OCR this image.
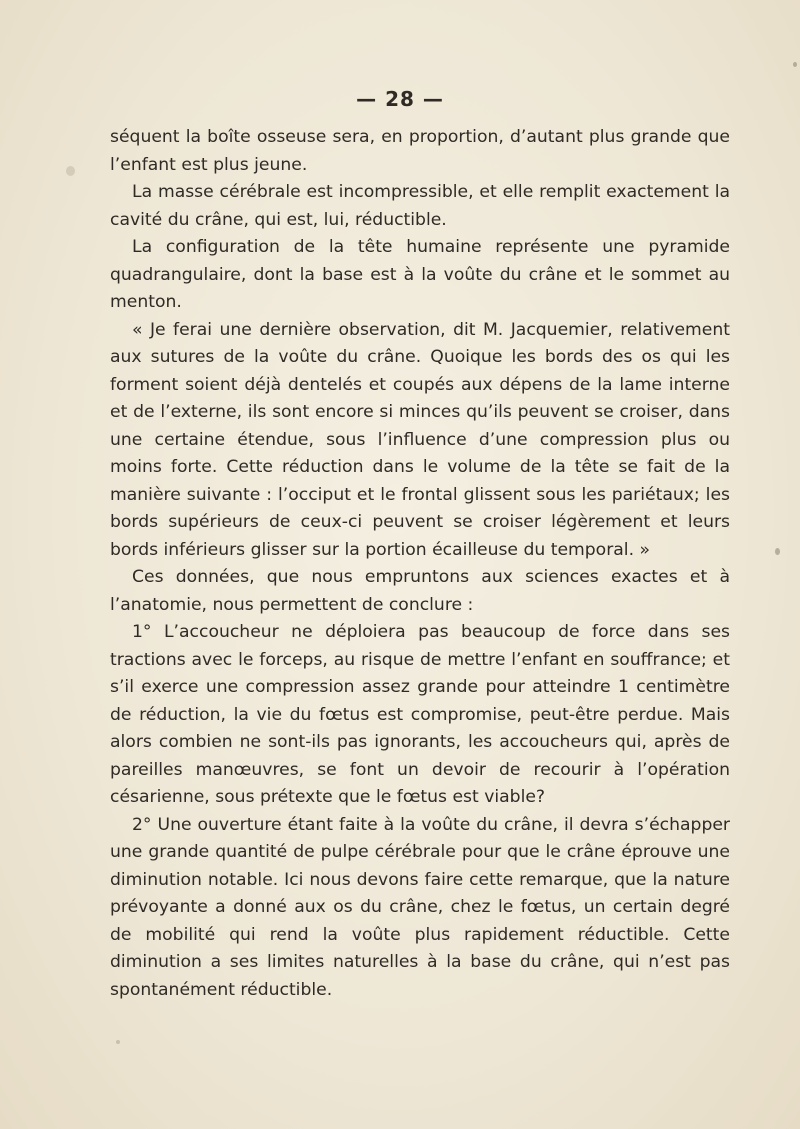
— 28 —

séquent la boîte osseuse sera, en proportion, d’autant plus grande que l’enfant est plus jeune.

La masse cérébrale est incompressible, et elle remplit exactement la cavité du crâne, qui est, lui, réductible.

La configuration de la tête humaine représente une pyramide quadrangulaire, dont la base est à la voûte du crâne et le sommet au menton.

« Je ferai une dernière observation, dit M. Jacquemier, relativement aux sutures de la voûte du crâne. Quoique les bords des os qui les forment soient déjà dentelés et coupés aux dépens de la lame interne et de l’externe, ils sont encore si minces qu’ils peuvent se croiser, dans une certaine étendue, sous l’influence d’une compression plus ou moins forte. Cette réduction dans le volume de la tête se fait de la manière suivante : l’occiput et le frontal glissent sous les pariétaux; les bords supérieurs de ceux-ci peuvent se croiser légèrement et leurs bords inférieurs glisser sur la portion écailleuse du temporal. »

Ces données, que nous empruntons aux sciences exactes et à l’anatomie, nous permettent de conclure :

1° L’accoucheur ne déploiera pas beaucoup de force dans ses tractions avec le forceps, au risque de mettre l’enfant en souffrance; et s’il exerce une compression assez grande pour atteindre 1 centimètre de réduction, la vie du fœtus est compromise, peut-être perdue. Mais alors combien ne sont-ils pas ignorants, les accoucheurs qui, après de pareilles manœuvres, se font un devoir de recourir à l’opération césarienne, sous prétexte que le fœtus est viable?

2° Une ouverture étant faite à la voûte du crâne, il devra s’échapper une grande quantité de pulpe cérébrale pour que le crâne éprouve une diminution notable. Ici nous devons faire cette remarque, que la nature prévoyante a donné aux os du crâne, chez le fœtus, un certain degré de mobilité qui rend la voûte plus rapidement réductible. Cette diminution a ses limites naturelles à la base du crâne, qui n’est pas spontanément réductible.
